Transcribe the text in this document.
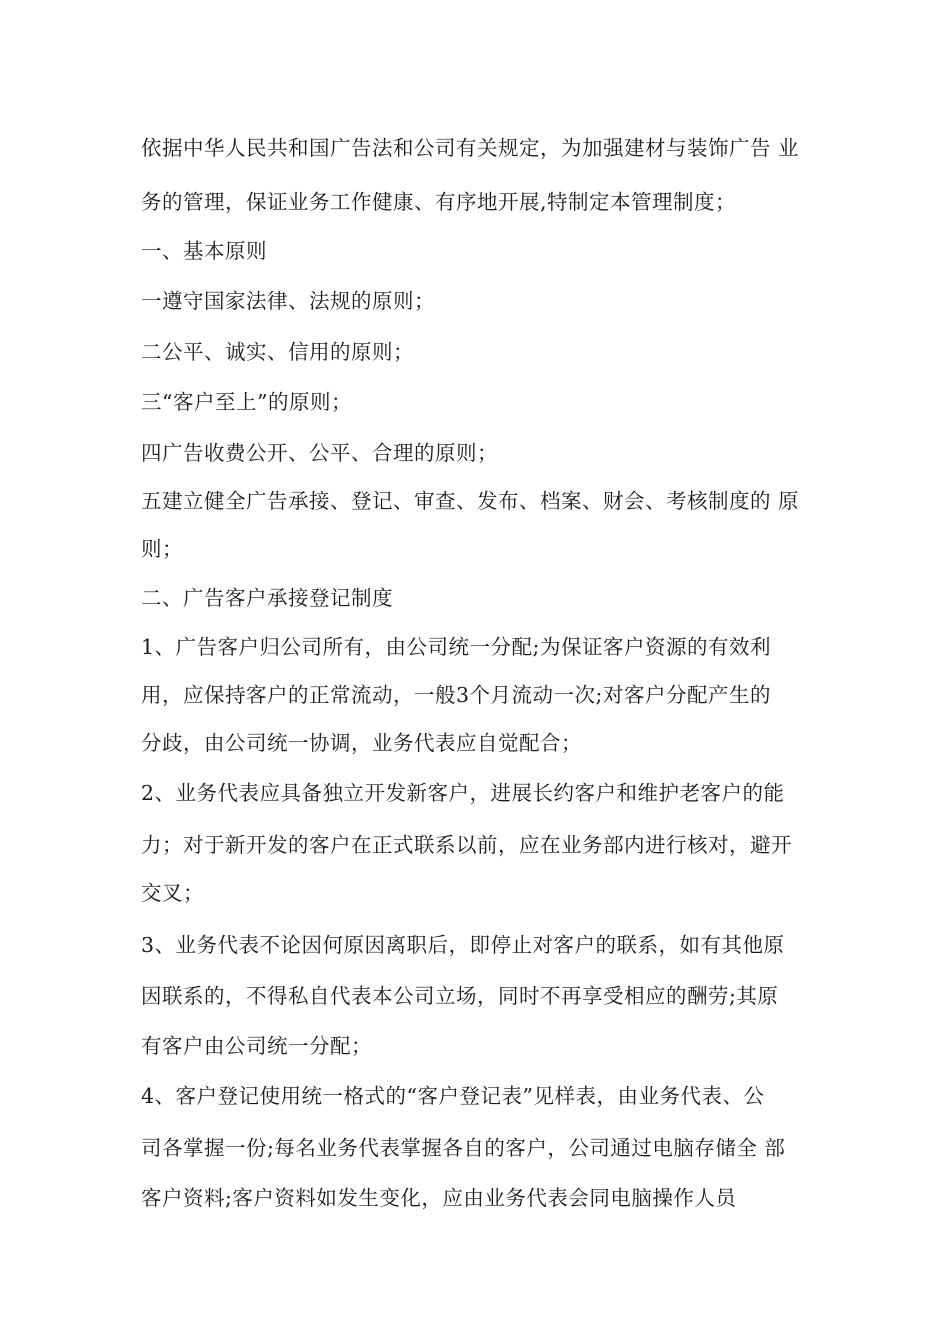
依据中华人民共和国广告法和公司有关规定，为加强建材与装饰广告 业
务的管理，保证业务工作健康、有序地开展,特制定本管理制度；
一、基本原则
一遵守国家法律、法规的原则；
二公平、诚实、信用的原则；
三“客户至上”的原则；
四广告收费公开、公平、合理的原则；
五建立健全广告承接、登记、审查、发布、档案、财会、考核制度的 原
则；
二、广告客户承接登记制度
1、广告客户归公司所有，由公司统一分配;为保证客户资源的有效利
用，应保持客户的正常流动，一般3个月流动一次;对客户分配产生的
分歧，由公司统一协调，业务代表应自觉配合；
2、业务代表应具备独立开发新客户，进展长约客户和维护老客户的能
力；对于新开发的客户在正式联系以前，应在业务部内进行核对，避开
交叉；
3、业务代表不论因何原因离职后，即停止对客户的联系，如有其他原
因联系的，不得私自代表本公司立场，同时不再享受相应的酬劳;其原
有客户由公司统一分配；
4、客户登记使用统一格式的“客户登记表”见样表，由业务代表、公
司各掌握一份;每名业务代表掌握各自的客户，公司通过电脑存储全 部
客户资料;客户资料如发生变化，应由业务代表会同电脑操作人员
